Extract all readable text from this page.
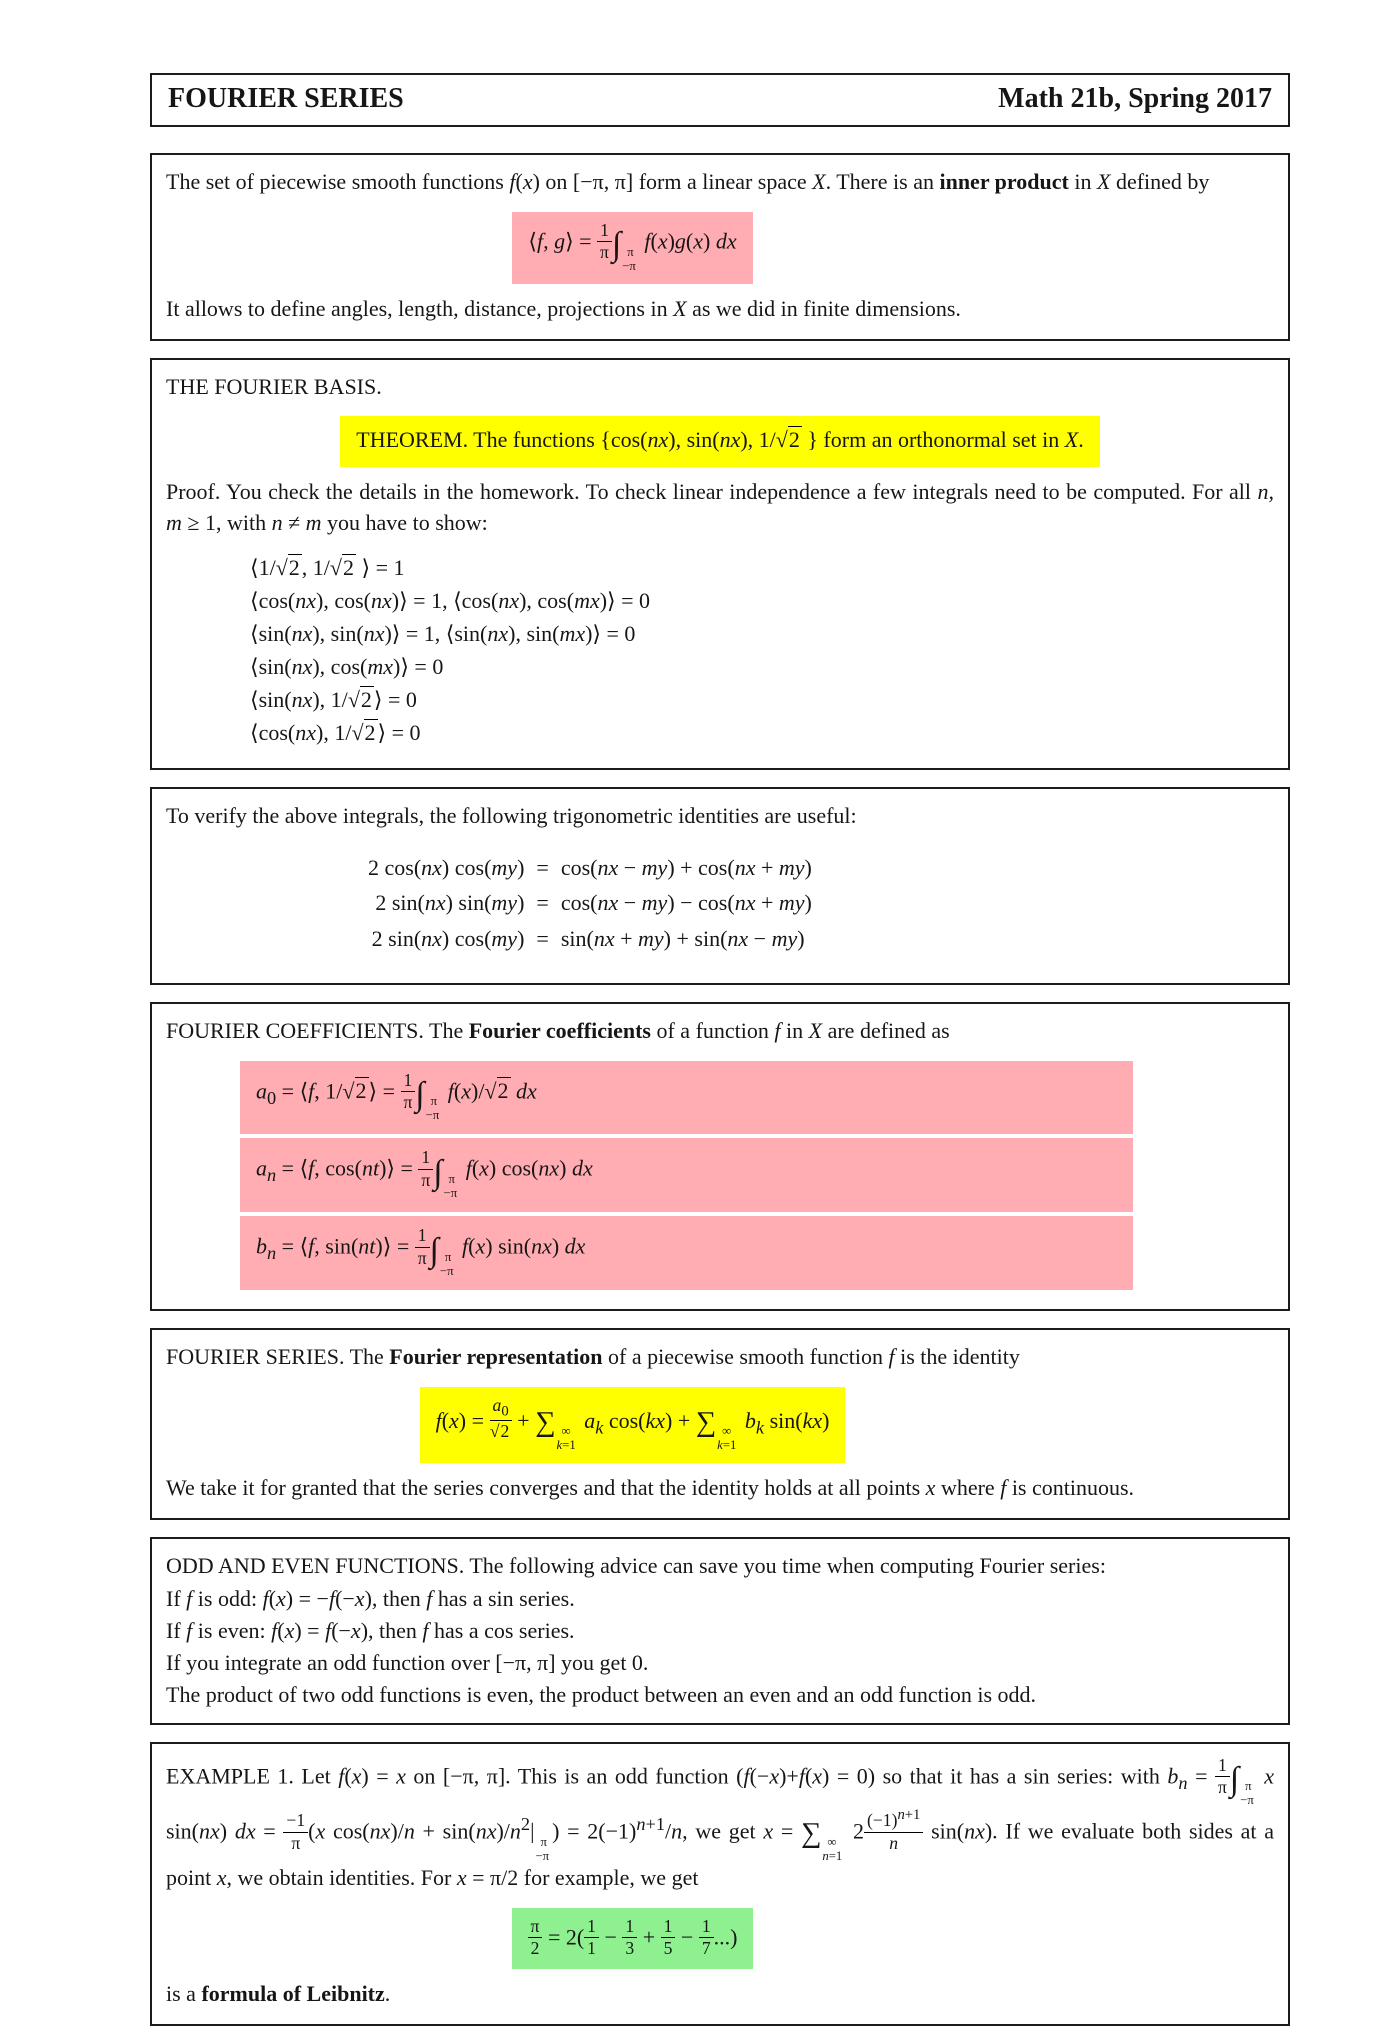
FOURIER SERIES	Math 21b, Spring 2017

The set of piecewise smooth functions f(x) on [−π, π] form a linear space X. There is an inner product in X defined by

⟨f, g⟩ = $\frac{1}{\pi}$ ∫ π
−π
f(x)g(x) dx

It allows to define angles, length, distance, projections in X as we did in finite dimensions.

THE FOURIER BASIS.

THEOREM. The functions {cos(nx), sin(nx), 1/√2 } form an orthonormal set in X.

Proof. You check the details in the homework. To check linear independence a few integrals need to be computed. For all n, m ≥ 1, with n ≠ m you have to show:

⟨1/√2, 1/√2 ⟩ = 1
⟨cos(nx), cos(nx)⟩ = 1, ⟨cos(nx), cos(mx)⟩ = 0
⟨sin(nx), sin(nx)⟩ = 1, ⟨sin(nx), sin(mx)⟩ = 0
⟨sin(nx), cos(mx)⟩ = 0
⟨sin(nx), 1/√2⟩ = 0
⟨cos(nx), 1/√2⟩ = 0

To verify the above integrals, the following trigonometric identities are useful:

2 cos(nx) cos(my)	=	cos(nx − my) + cos(nx + my)
2 sin(nx) sin(my)	=	cos(nx − my) − cos(nx + my)
2 sin(nx) cos(my)	=	sin(nx + my) + sin(nx − my)

FOURIER COEFFICIENTS. The Fourier coefficients of a function f in X are defined as

$a_0$ = ⟨f, 1/√2⟩ = $\frac{1}{\pi}$ ∫ π
−π
f(x)/√2 dx
$a_n$ = ⟨f, cos(nt)⟩ = $\frac{1}{\pi}$ ∫ π
−π
f(x) cos(nx) dx
$b_n$ = ⟨f, sin(nt)⟩ = $\frac{1}{\pi}$ ∫ π
−π
f(x) sin(nx) dx

FOURIER SERIES. The Fourier representation of a piecewise smooth function f is the identity

$f(x) = \frac{a_0}{√2}$ + ∑ ∞
k=1
$a_k$ cos(kx) + ∑ ∞
k=1
$b_k$ sin(kx)

We take it for granted that the series converges and that the identity holds at all points x where f is continuous.

ODD AND EVEN FUNCTIONS. The following advice can save you time when computing Fourier series:

If f is odd: f(x) = −f(−x), then f has a sin series.

If f is even: f(x) = f(−x), then f has a cos series.

If you integrate an odd function over [−π, π] you get 0.

The product of two odd functions is even, the product between an even and an odd function is odd.

EXAMPLE 1. Let f(x) = x on [−π, π]. This is an odd function (f(−x)+f(x) = 0) so that it has a sin series: with $b_n = \frac{1}{\pi}$ ∫ π
−π
x sin(nx) dx = $\frac{-1}{\pi} (x$ $\cos(nx)/n + \sin(nx)/n^2|$ π
−π
) = $2(-1)^{n+1}/n$, we get x = ∑ ∞
n=1
$2 \frac{(-1)^{n+1}}{n} \sin(nx)$. If we evaluate both sides at a point x, we obtain identities. For x = π/2 for example, we get

$\frac{\pi}{2} = 2( \frac{1}{1} - \frac{1}{3} + \frac{1}{5} - \frac{1}{7}$ ...)

is a formula of Leibnitz.
